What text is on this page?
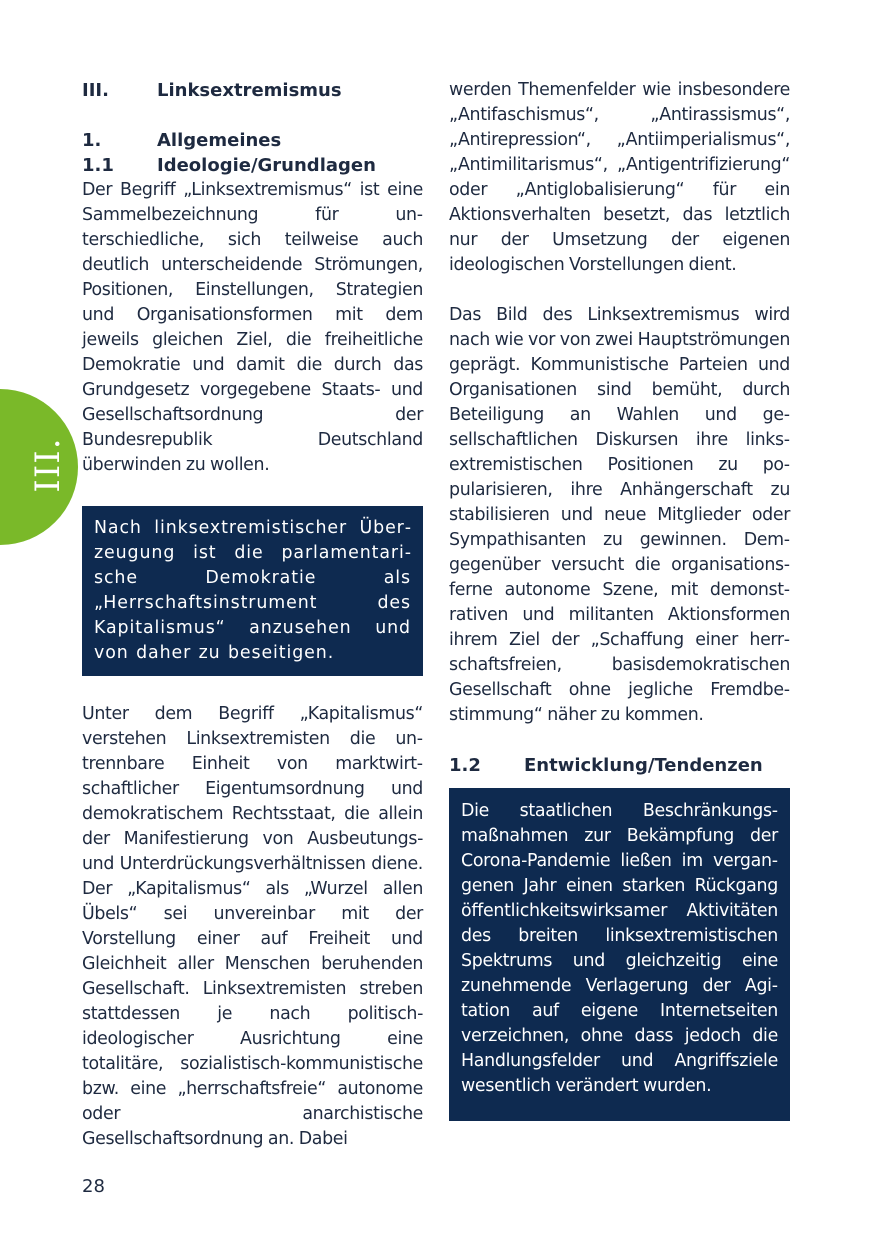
III.
III.	Linksextremismus
1.	Allgemeines
1.1 Ideologie/Grundlagen

Der Begriff „Linksextremismus“ ist eine Sammelbezeichnung für unterschiedliche, sich teilweise auch deutlich unterscheidende Strömungen, Positionen, Einstellungen, Strategien und Organisationsformen mit dem jeweils gleichen Ziel, die freiheitliche Demokratie und damit die durch das Grundgesetz vorgegebene Staats- und Gesellschaftsordnung der Bundesrepublik Deutschland überwinden zu wollen.

Nach linksextremistischer Überzeugung ist die parlamentarische Demokratie als „Herrschaftsinstrument des Kapitalismus“ anzusehen und von daher zu beseitigen.

Unter dem Begriff „Kapitalismus“ verstehen Linksextremisten die untrennbare Einheit von marktwirtschaftlicher Eigentumsordnung und demokratischem Rechtsstaat, die allein der Manifestierung von Ausbeutungs- und Unterdrückungsverhältnissen diene. Der „Kapitalismus“ als „Wurzel allen Übels“ sei unvereinbar mit der Vorstellung einer auf Freiheit und Gleichheit aller Menschen beruhenden Gesellschaft. Linksextremisten streben stattdessen je nach politisch-ideologischer Ausrichtung eine totalitäre, sozialistisch-kommunistische bzw. eine „herrschaftsfreie“ autonome oder anarchistische Gesellschaftsordnung an. Dabei

werden Themenfelder wie insbesondere „Antifaschismus“, „Antirassismus“, „Antirepression“, „Antiimperialismus“, „Antimilitarismus“, „Antigentrifizierung“ oder „Antiglobalisierung“ für ein Aktionsverhalten besetzt, das letztlich nur der Umsetzung der eigenen ideologischen Vorstellungen dient.

Das Bild des Linksextremismus wird nach wie vor von zwei Hauptströmungen geprägt. Kommunistische Parteien und Organisationen sind bemüht, durch Beteiligung an Wahlen und gesellschaftlichen Diskursen ihre linksextremistischen Positionen zu popularisieren, ihre Anhängerschaft zu stabilisieren und neue Mitglieder oder Sympathisanten zu gewinnen. Demgegenüber versucht die organisationsferne autonome Szene, mit demonstrativen und militanten Aktionsformen ihrem Ziel der „Schaffung einer herrschaftsfreien, basisdemokratischen Gesellschaft ohne jegliche Fremdbestimmung“ näher zu kommen.

1.2 Entwicklung/Tendenzen

Die staatlichen Beschränkungsmaßnahmen zur Bekämpfung der Corona-Pandemie ließen im vergangenen Jahr einen starken Rückgang öffentlichkeitswirksamer Aktivitäten des breiten linksextremistischen Spektrums und gleichzeitig eine zunehmende Verlagerung der Agitation auf eigene Internetseiten verzeichnen, ohne dass jedoch die Handlungsfelder und Angriffsziele wesentlich verändert wurden.

28
